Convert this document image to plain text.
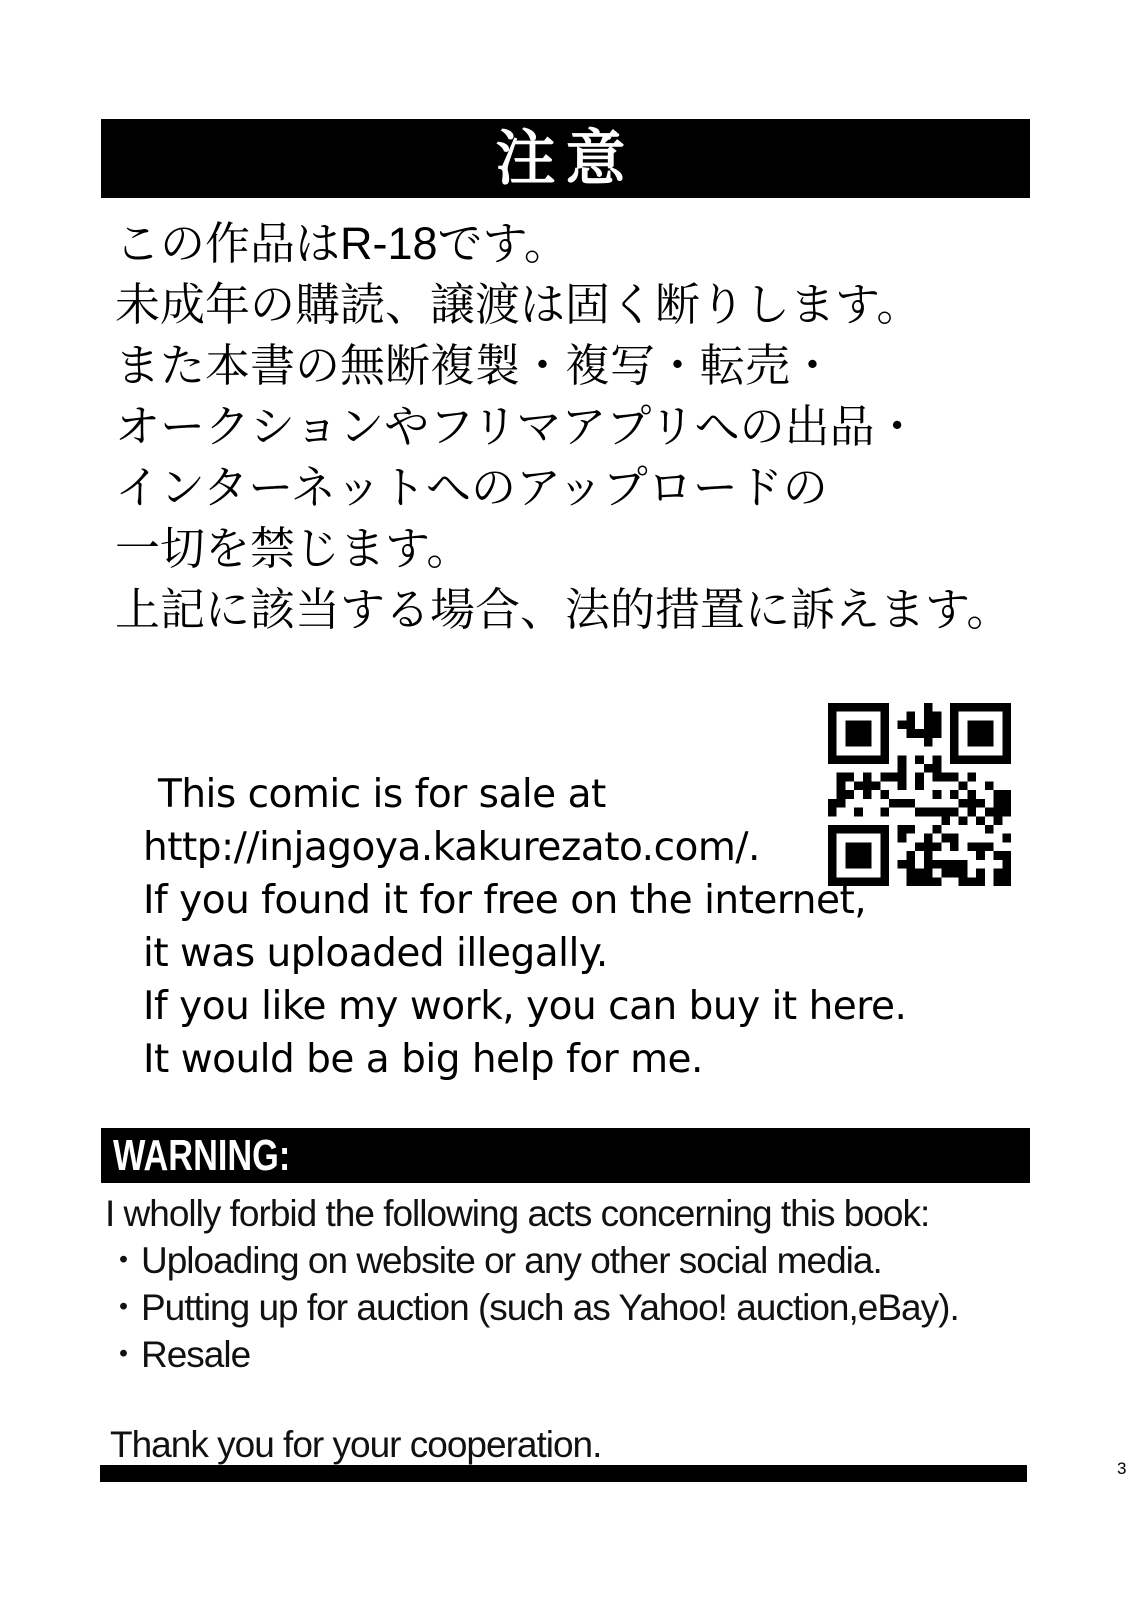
注意
この作品はR-18です。
未成年の購読、譲渡は固く断りします。
また本書の無断複製・複写・転売・
オークションやフリマアプリへの出品・
インターネットへのアップロードの
一切を禁じます。
上記に該当する場合、法的措置に訴えます。
This comic is for sale at
http://injagoya.kakurezato.com/.
If you found it for free on the internet,
it was uploaded illegally.
If you like my work, you can buy it here.
It would be a big help for me.
WARNING:
I wholly forbid the following acts concerning this book:
・Uploading on website or any other social media.
・Putting up for auction (such as Yahoo! auction,eBay).
・Resale
Thank you for your cooperation.
3
